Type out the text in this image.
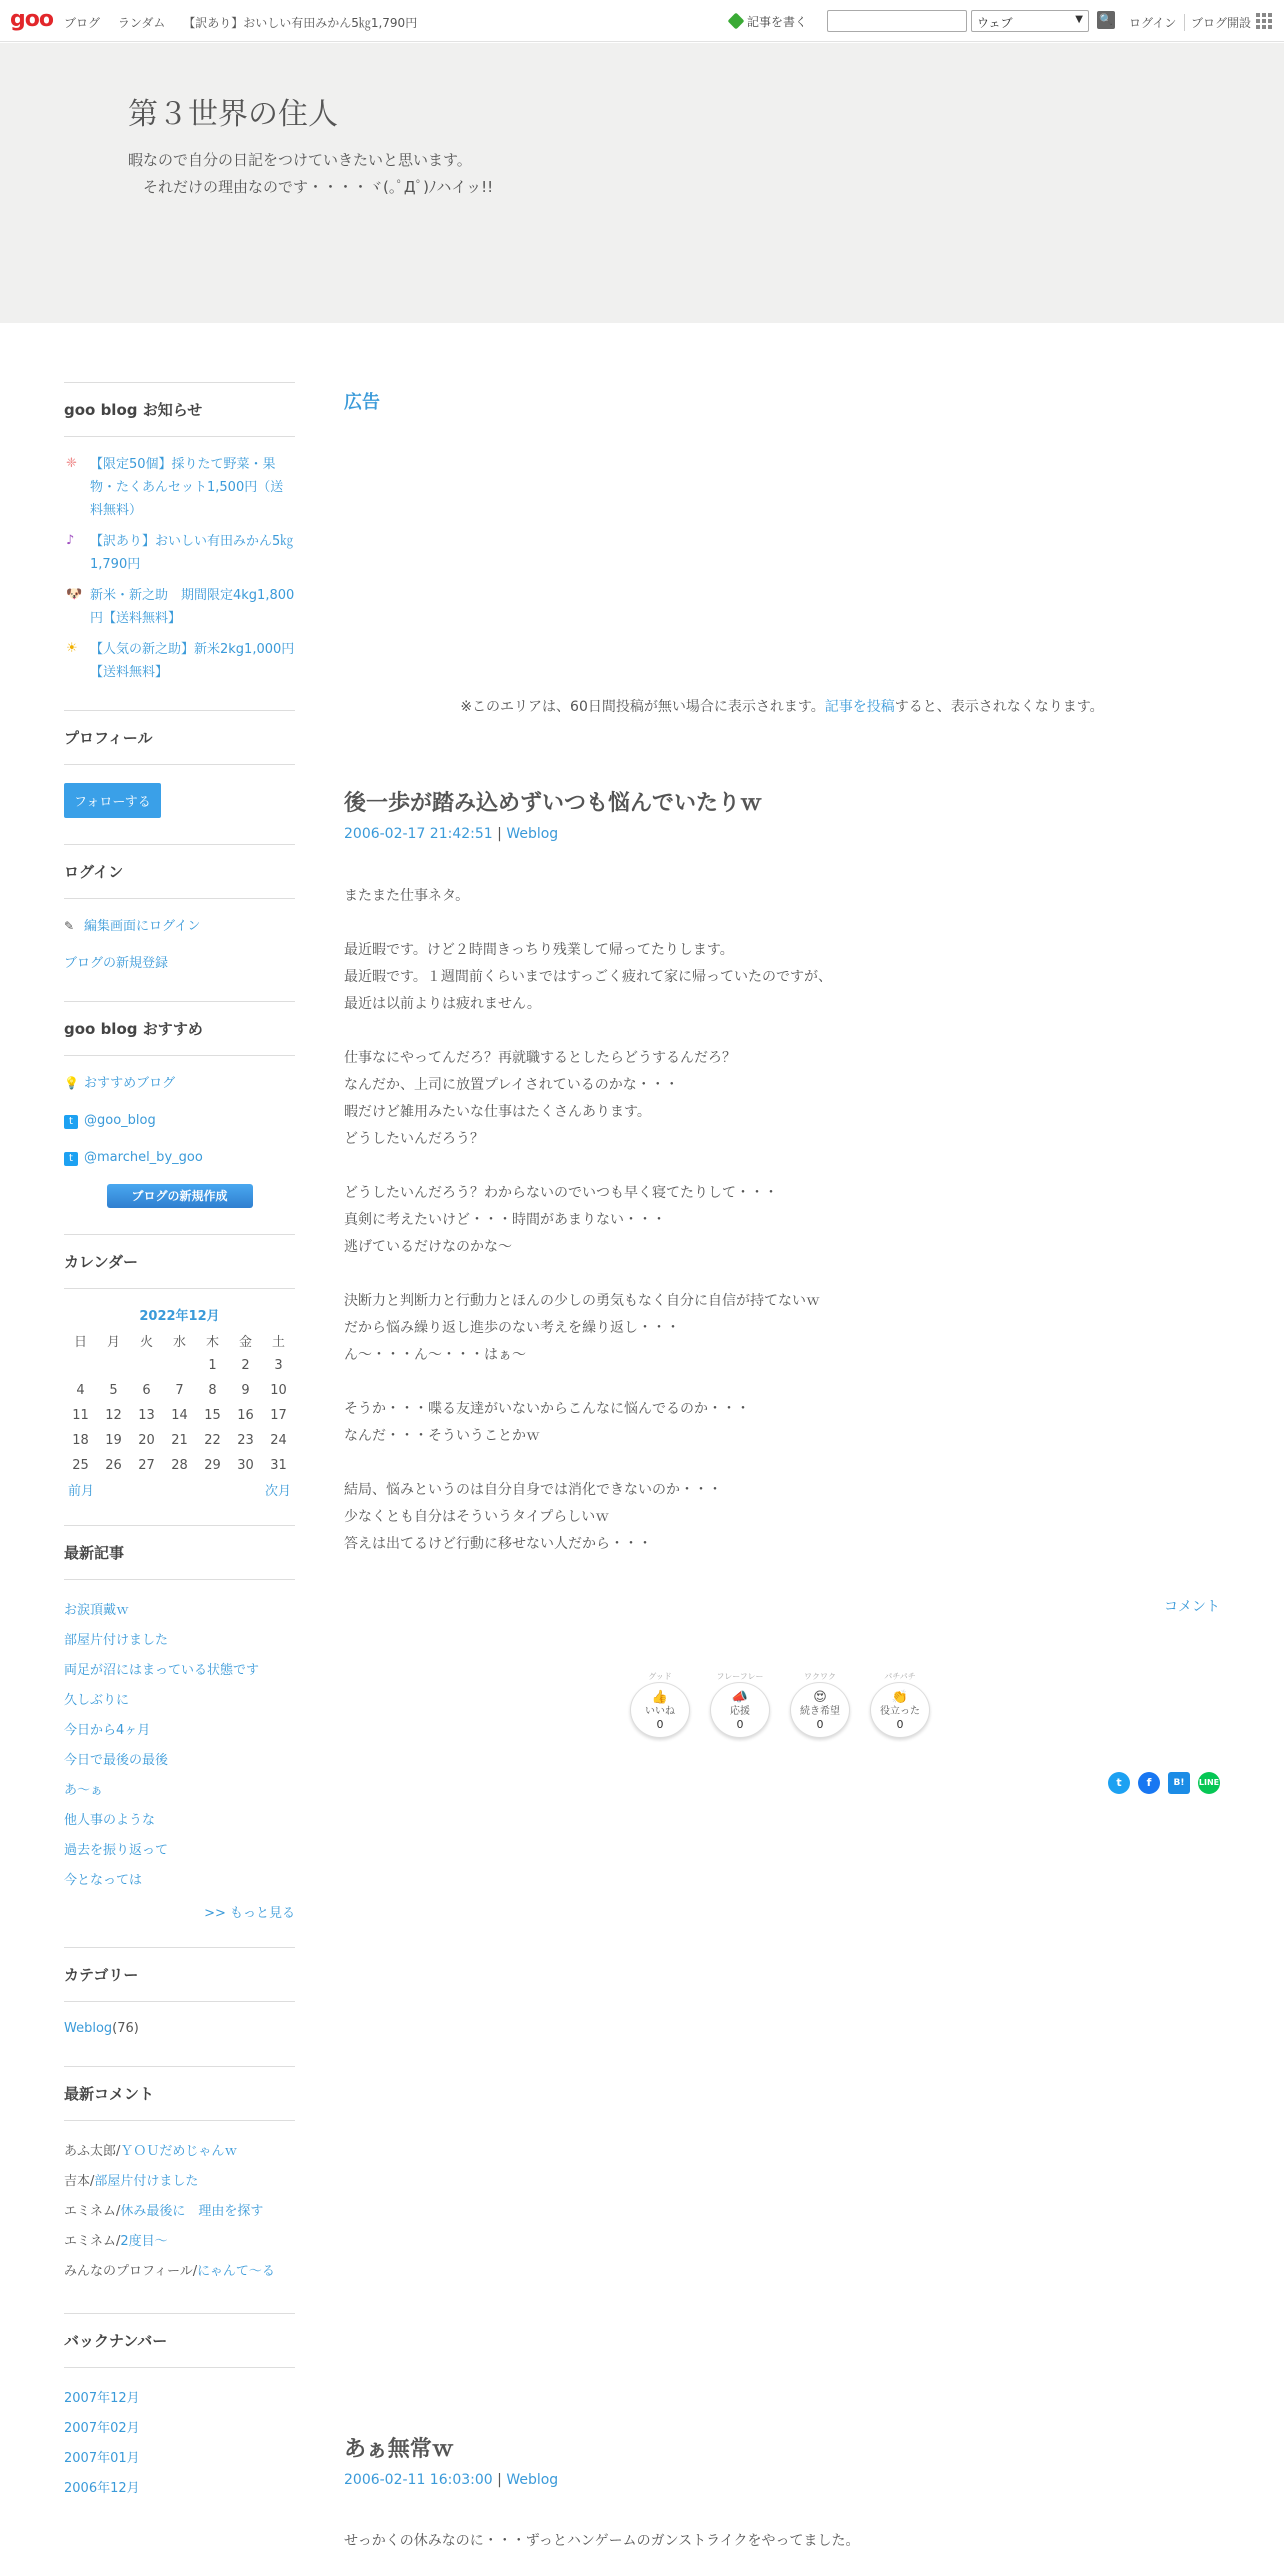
goo ブログ ランダム 【訳あり】おいしい有田みかん5㎏1,790円	記事を書く	ウェブ	▼ 🔍 ログイン	ブログ開設
第３世界の住人
暇なので自分の日記をつけていきたいと思います。
　それだけの理由なのです・・・・ヾ(｡ﾟДﾟ)ﾉハイッ!!
goo blog お知らせ
❈ 【限定50個】採りたて野菜・果物・たくあんセット1,500円（送料無料）
♪	【訳あり】おいしい有田みかん5㎏1,790円
🐶 新米・新之助　期間限定4kg1,800円【送料無料】
☀ 【人気の新之助】新米2kg1,000円【送料無料】
プロフィール
フォローする
ログイン
✎ 編集画面にログイン
ブログの新規登録
goo blog おすすめ
💡 おすすめブログ
t @goo_blog
t @marchel_by_goo
ブログの新規作成
カレンダー
2022年12月
日	月	火	水	木	金	土
				1	2	3
4	5	6	7	8	9	10
11	12	13	14	15	16	17
18	19	20	21	22	23	24
25	26	27	28	29	30	31
前月	次月
最新記事
お涙頂戴ｗ
部屋片付けました
両足が沼にはまっている状態です
久しぶりに
今日から4ヶ月
今日で最後の最後
あ～ぁ
他人事のような
過去を振り返って
今となっては
>> もっと見る
カテゴリー
Weblog(76)
最新コメント
あふ太郎/ＹＯＵだめじゃんｗ
吉本/部屋片付けました
エミネム/休み最後に　理由を探す
エミネム/2度目～
みんなのプロフィール/にゃんて～る
バックナンバー
2007年12月
2007年02月
2007年01月
2006年12月
広告
※このエリアは、60日間投稿が無い場合に表示されます。記事を投稿すると、表示されなくなります。
後一歩が踏み込めずいつも悩んでいたりｗ
2006-02-17 21:42:51 | Weblog

またまた仕事ネタ。

最近暇です。けど２時間きっちり残業して帰ってたりします。

最近暇です。１週間前くらいまではすっごく疲れて家に帰っていたのですが、

最近は以前よりは疲れません。

仕事なにやってんだろ？再就職するとしたらどうするんだろ？

なんだか、上司に放置プレイされているのかな・・・

暇だけど雑用みたいな仕事はたくさんあります。

どうしたいんだろう？

どうしたいんだろう？わからないのでいつも早く寝てたりして・・・

真剣に考えたいけど・・・時間があまりない・・・

逃げているだけなのかな～

決断力と判断力と行動力とほんの少しの勇気もなく自分に自信が持てないｗ

だから悩み繰り返し進歩のない考えを繰り返し・・・

ん～・・・ん～・・・はぁ～

そうか・・・喋る友達がいないからこんなに悩んでるのか・・・

なんだ・・・そういうことかｗ

結局、悩みというのは自分自身では消化できないのか・・・

少なくとも自分はそういうタイプらしいｗ

答えは出てるけど行動に移せない人だから・・・

コメント
グッド
👍
いいね
0
フレーフレー
📣
応援
0
ワクワク
😍
続き希望
0
パチパチ
👏
役立った
0
t	f	B!	LINE
あぁ無常ｗ
2006-02-11 16:03:00 | Weblog

せっかくの休みなのに・・・ずっとハンゲームのガンストライクをやってました。
